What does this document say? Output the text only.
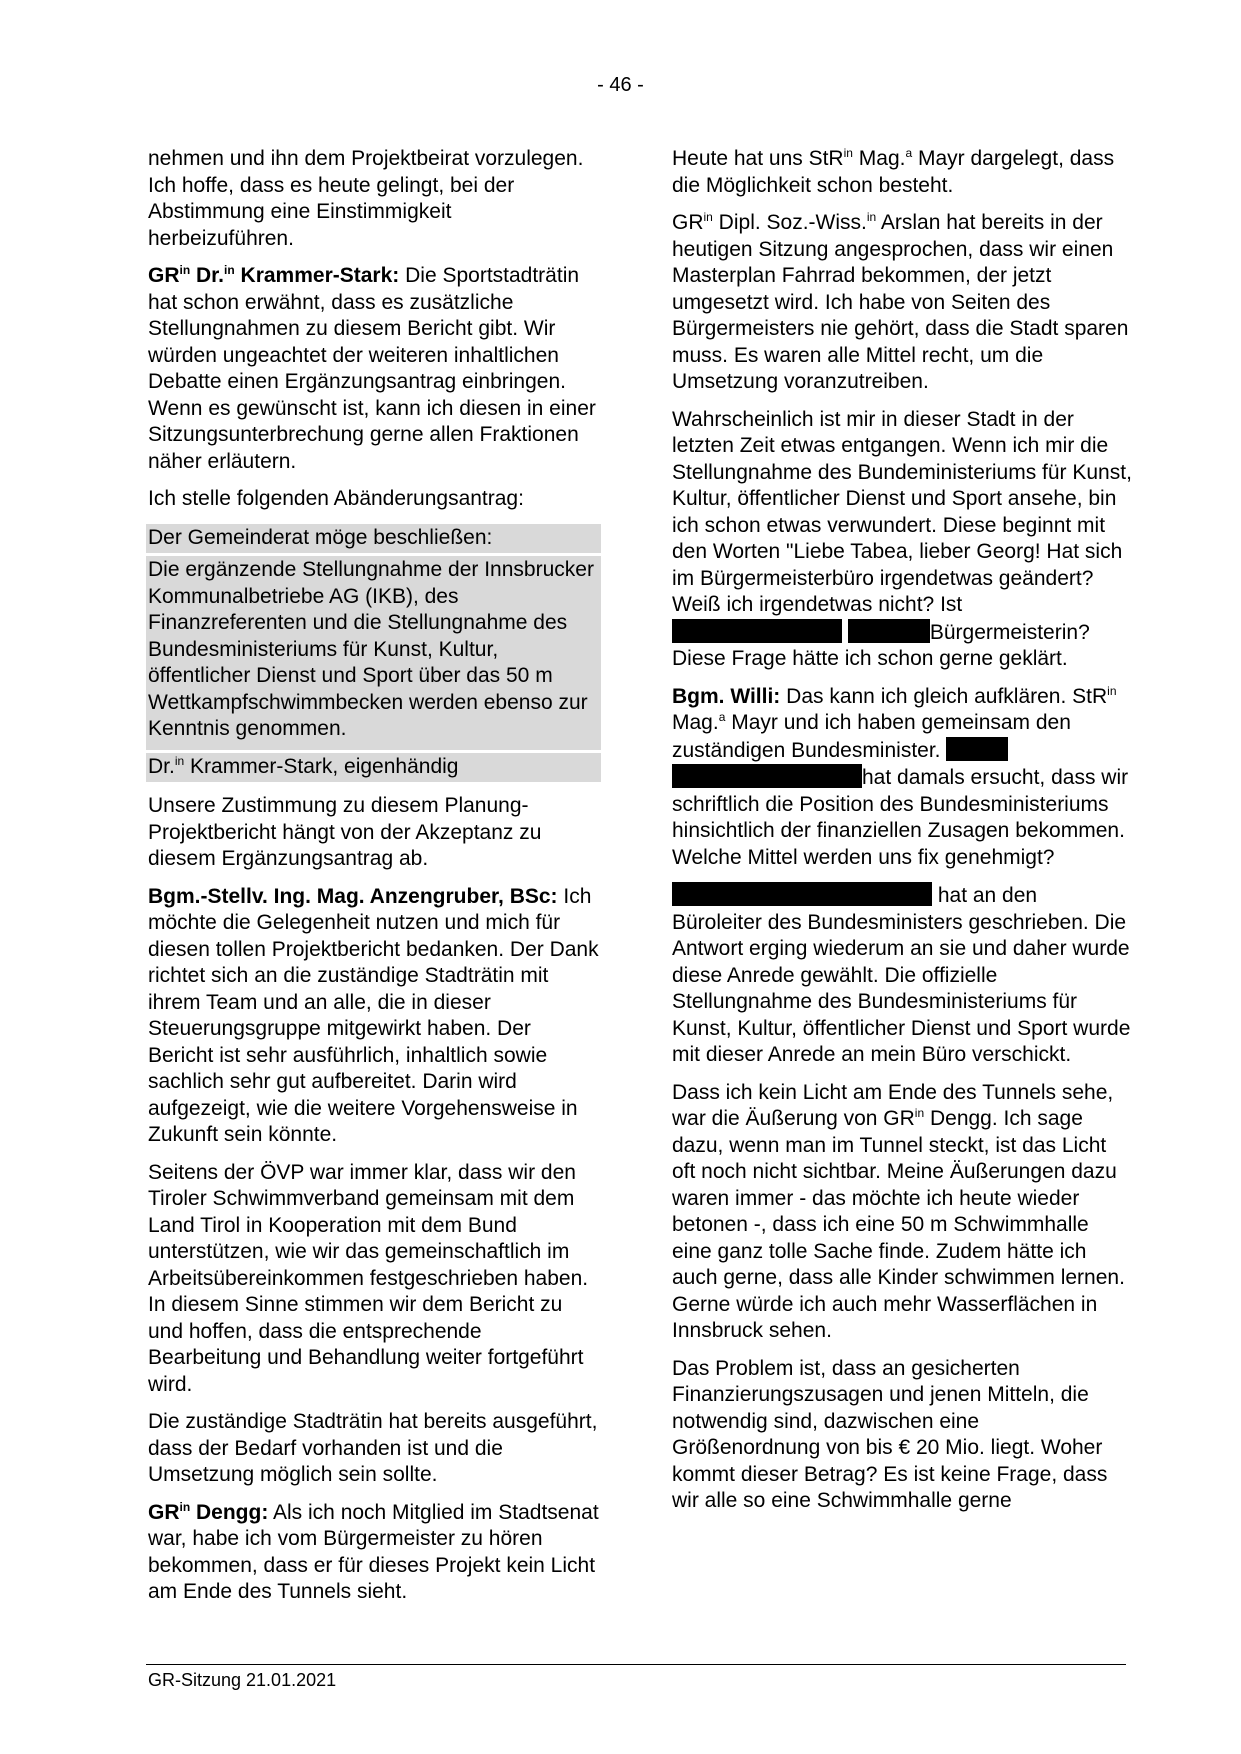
- 46 -

nehmen und ihn dem Projektbeirat vorzulegen. Ich hoffe, dass es heute gelingt, bei der Abstimmung eine Einstimmigkeit herbeizuführen.

$GR^{in}$ Dr.$^{in}$ Krammer-Stark: Die Sportstadträtin hat schon erwähnt, dass es zusätzliche Stellungnahmen zu diesem Bericht gibt. Wir würden ungeachtet der weiteren inhaltlichen Debatte einen Ergänzungsantrag einbringen. Wenn es gewünscht ist, kann ich diesen in einer Sitzungsunterbrechung gerne allen Fraktionen näher erläutern.

Ich stelle folgenden Abänderungsantrag:

Der Gemeinderat möge beschließen:
Die ergänzende Stellungnahme der Innsbrucker Kommunalbetriebe AG (IKB), des Finanzreferenten und die Stellungnahme des Bundesministeriums für Kunst, Kultur, öffentlicher Dienst und Sport über das 50 m Wettkampfschwimmbecken werden ebenso zur Kenntnis genommen.
Dr.$^{in}$ Krammer-Stark, eigenhändig

Unsere Zustimmung zu diesem Planung-Projektbericht hängt von der Akzeptanz zu diesem Ergänzungsantrag ab.

Bgm.-Stellv. Ing. Mag. Anzengruber, BSc: Ich möchte die Gelegenheit nutzen und mich für diesen tollen Projektbericht bedanken. Der Dank richtet sich an die zuständige Stadträtin mit ihrem Team und an alle, die in dieser Steuerungsgruppe mitgewirkt haben. Der Bericht ist sehr ausführlich, inhaltlich sowie sachlich sehr gut aufbereitet. Darin wird aufgezeigt, wie die weitere Vorgehensweise in Zukunft sein könnte.

Seitens der ÖVP war immer klar, dass wir den Tiroler Schwimmverband gemeinsam mit dem Land Tirol in Kooperation mit dem Bund unterstützen, wie wir das gemeinschaftlich im Arbeitsübereinkommen festgeschrieben haben. In diesem Sinne stimmen wir dem Bericht zu und hoffen, dass die entsprechende Bearbeitung und Behandlung weiter fortgeführt wird.

Die zuständige Stadträtin hat bereits ausgeführt, dass der Bedarf vorhanden ist und die Umsetzung möglich sein sollte.

$GR^{in}$ Dengg: Als ich noch Mitglied im Stadtsenat war, habe ich vom Bürgermeister zu hören bekommen, dass er für dieses Projekt kein Licht am Ende des Tunnels sieht.

Heute hat uns StR$^{in}$ Mag.$^a$ Mayr dargelegt, dass die Möglichkeit schon besteht.

$GR^{in}$ Dipl. Soz.-Wiss.$^{in}$ Arslan hat bereits in der heutigen Sitzung angesprochen, dass wir einen Masterplan Fahrrad bekommen, der jetzt umgesetzt wird. Ich habe von Seiten des Bürgermeisters nie gehört, dass die Stadt sparen muss. Es waren alle Mittel recht, um die Umsetzung voranzutreiben.

Wahrscheinlich ist mir in dieser Stadt in der letzten Zeit etwas entgangen. Wenn ich mir die Stellungnahme des Bundeministeriums für Kunst, Kultur, öffentlicher Dienst und Sport ansehe, bin ich schon etwas verwundert. Diese beginnt mit den Worten "Liebe Tabea, lieber Georg! Hat sich im Bürgermeisterbüro irgendetwas geändert? Weiß ich irgendetwas nicht? Ist  Bürgermeisterin? Diese Frage hätte ich schon gerne geklärt.

Bgm. Willi: Das kann ich gleich aufklären. StR$^{in}$ Mag.$^a$ Mayr und ich haben gemeinsam den zuständigen Bundesminister.  hat damals ersucht, dass wir schriftlich die Position des Bundesministeriums hinsichtlich der finanziellen Zusagen bekommen. Welche Mittel werden uns fix genehmigt?

hat an den Büroleiter des Bundesministers geschrieben. Die Antwort erging wiederum an sie und daher wurde diese Anrede gewählt. Die offizielle Stellungnahme des Bundesministeriums für Kunst, Kultur, öffentlicher Dienst und Sport wurde mit dieser Anrede an mein Büro verschickt.

Dass ich kein Licht am Ende des Tunnels sehe, war die Äußerung von $GR^{in}$ Dengg. Ich sage dazu, wenn man im Tunnel steckt, ist das Licht oft noch nicht sichtbar. Meine Äußerungen dazu waren immer - das möchte ich heute wieder betonen -, dass ich eine 50 m Schwimmhalle eine ganz tolle Sache finde. Zudem hätte ich auch gerne, dass alle Kinder schwimmen lernen. Gerne würde ich auch mehr Wasserflächen in Innsbruck sehen.

Das Problem ist, dass an gesicherten Finanzierungszusagen und jenen Mitteln, die notwendig sind, dazwischen eine Größenordnung von bis € 20 Mio. liegt. Woher kommt dieser Betrag? Es ist keine Frage, dass wir alle so eine Schwimmhalle gerne

GR-Sitzung 21.01.2021
